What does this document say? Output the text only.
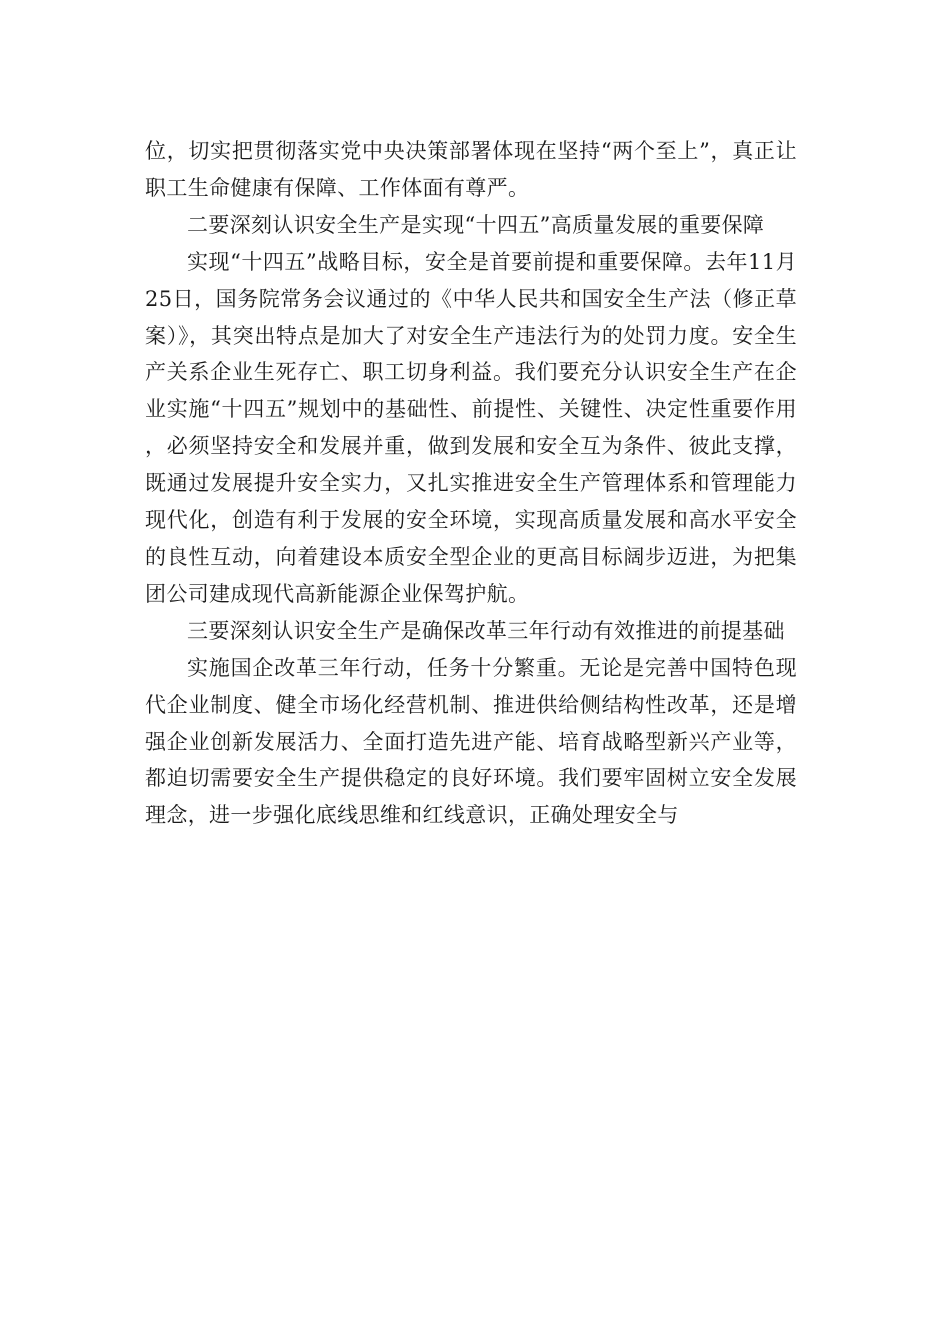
位，切实把贯彻落实党中央决策部署体现在坚持“两个至上”，真正让职工生命健康有保障、工作体面有尊严。

二要深刻认识安全生产是实现“十四五”高质量发展的重要保障

实现“十四五”战略目标，安全是首要前提和重要保障。去年11月25日，国务院常务会议通过的《中华人民共和国安全生产法（修正草案）》，其突出特点是加大了对安全生产违法行为的处罚力度。安全生产关系企业生死存亡、职工切身利益。我们要充分认识安全生产在企业实施“十四五”规划中的基础性、前提性、关键性、决定性重要作用，必须坚持安全和发展并重，做到发展和安全互为条件、彼此支撑，既通过发展提升安全实力，又扎实推进安全生产管理体系和管理能力现代化，创造有利于发展的安全环境，实现高质量发展和高水平安全的良性互动，向着建设本质安全型企业的更高目标阔步迈进，为把集团公司建成现代高新能源企业保驾护航。

三要深刻认识安全生产是确保改革三年行动有效推进的前提基础

实施国企改革三年行动，任务十分繁重。无论是完善中国特色现代企业制度、健全市场化经营机制、推进供给侧结构性改革，还是增强企业创新发展活力、全面打造先进产能、培育战略型新兴产业等，都迫切需要安全生产提供稳定的良好环境。我们要牢固树立安全发展理念，进一步强化底线思维和红线意识，正确处理安全与
